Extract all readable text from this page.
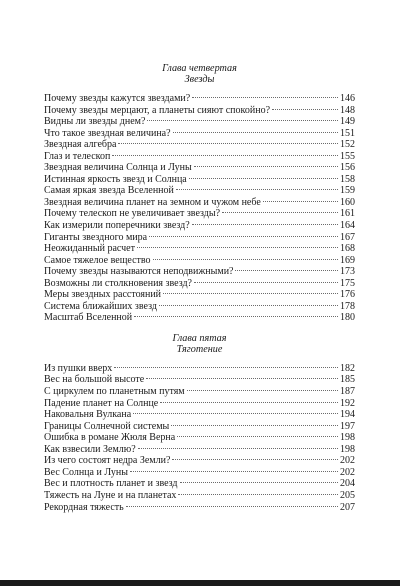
Глава четвертая
Звезды
Почему звезды кажутся звездами?	146
Почему звезды мерцают, а планеты сияют спокойно?	148
Видны ли звезды днем?	149
Что такое звездная величина?	151
Звездная алгебра	152
Глаз и телескоп	155
Звездная величина Солнца и Луны	156
Истинная яркость звезд и Солнца	158
Самая яркая звезда Вселенной	159
Звездная величина планет на земном и чужом небе	160
Почему телескоп не увеличивает звезды?	161
Как измерили поперечники звезд?	164
Гиганты звездного мира	167
Неожиданный расчет	168
Самое тяжелое вещество	169
Почему звезды называются неподвижными?	173
Возможны ли столкновения звезд?	175
Меры звездных расстояний	176
Система ближайших звезд	178
Масштаб Вселенной	180
Глава пятая
Тяготение
Из пушки вверх	182
Вес на большой высоте	185
С циркулем по планетным путям	187
Падение планет на Солнце	192
Наковальня Вулкана	194
Границы Солнечной системы	197
Ошибка в романе Жюля Верна	198
Как взвесили Землю?	198
Из чего состоят недра Земли?	202
Вес Солнца и Луны	202
Вес и плотность планет и звезд	204
Тяжесть на Луне и на планетах	205
Рекордная тяжесть	207
